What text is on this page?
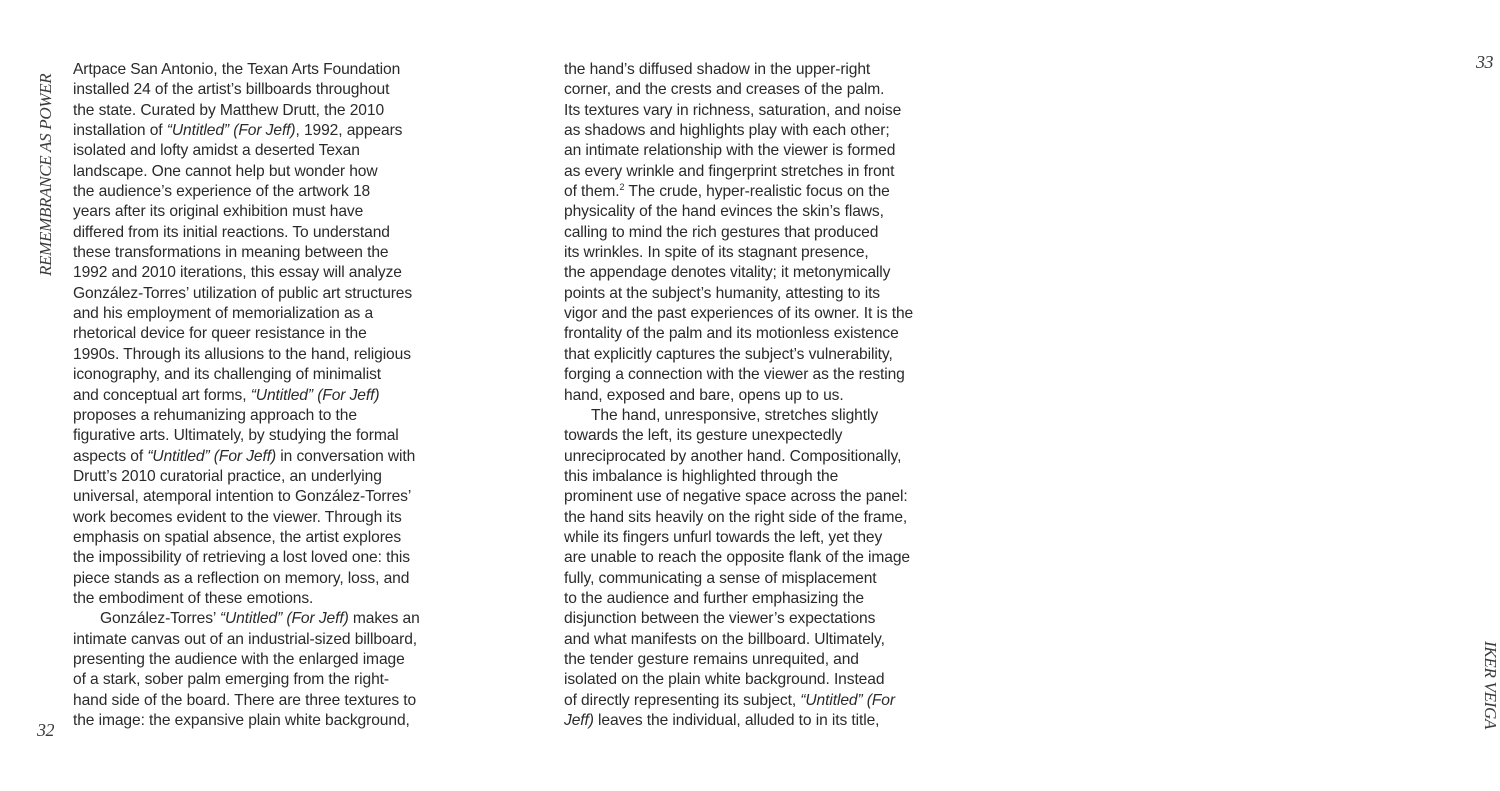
REMEMBRANCE AS POWER
Artpace San Antonio, the Texan Arts Foundation
installed 24 of the artist’s billboards throughout
the state. Curated by Matthew Drutt, the 2010
installation of “Untitled” (For Jeff), 1992, appears
isolated and lofty amidst a deserted Texan
landscape. One cannot help but wonder how
the audience’s experience of the artwork 18
years after its original exhibition must have
differed from its initial reactions. To understand
these transformations in meaning between the
1992 and 2010 iterations, this essay will analyze
González-Torres’ utilization of public art structures
and his employment of memorialization as a
rhetorical device for queer resistance in the
1990s. Through its allusions to the hand, religious
iconography, and its challenging of minimalist
and conceptual art forms, “Untitled” (For Jeff)
proposes a rehumanizing approach to the
figurative arts. Ultimately, by studying the formal
aspects of “Untitled” (For Jeff) in conversation with
Drutt’s 2010 curatorial practice, an underlying
universal, atemporal intention to González-Torres’
work becomes evident to the viewer. Through its
emphasis on spatial absence, the artist explores
the impossibility of retrieving a lost loved one: this
piece stands as a reflection on memory, loss, and
the embodiment of these emotions.
González-Torres’ “Untitled” (For Jeff) makes an
intimate canvas out of an industrial-sized billboard,
presenting the audience with the enlarged image
of a stark, sober palm emerging from the right-
hand side of the board. There are three textures to
the image: the expansive plain white background,
32
33
the hand’s diffused shadow in the upper-right
corner, and the crests and creases of the palm.
Its textures vary in richness, saturation, and noise
as shadows and highlights play with each other;
an intimate relationship with the viewer is formed
as every wrinkle and fingerprint stretches in front
of them.$^2$ The crude, hyper-realistic focus on the
physicality of the hand evinces the skin’s flaws,
calling to mind the rich gestures that produced
its wrinkles. In spite of its stagnant presence,
the appendage denotes vitality; it metonymically
points at the subject’s humanity, attesting to its
vigor and the past experiences of its owner. It is the
frontality of the palm and its motionless existence
that explicitly captures the subject’s vulnerability,
forging a connection with the viewer as the resting
hand, exposed and bare, opens up to us.
The hand, unresponsive, stretches slightly
towards the left, its gesture unexpectedly
unreciprocated by another hand. Compositionally,
this imbalance is highlighted through the
prominent use of negative space across the panel:
the hand sits heavily on the right side of the frame,
while its fingers unfurl towards the left, yet they
are unable to reach the opposite flank of the image
fully, communicating a sense of misplacement
to the audience and further emphasizing the
disjunction between the viewer’s expectations
and what manifests on the billboard. Ultimately,
the tender gesture remains unrequited, and
isolated on the plain white background. Instead
of directly representing its subject, “Untitled” (For
Jeff) leaves the individual, alluded to in its title,	IKER VEIGA
